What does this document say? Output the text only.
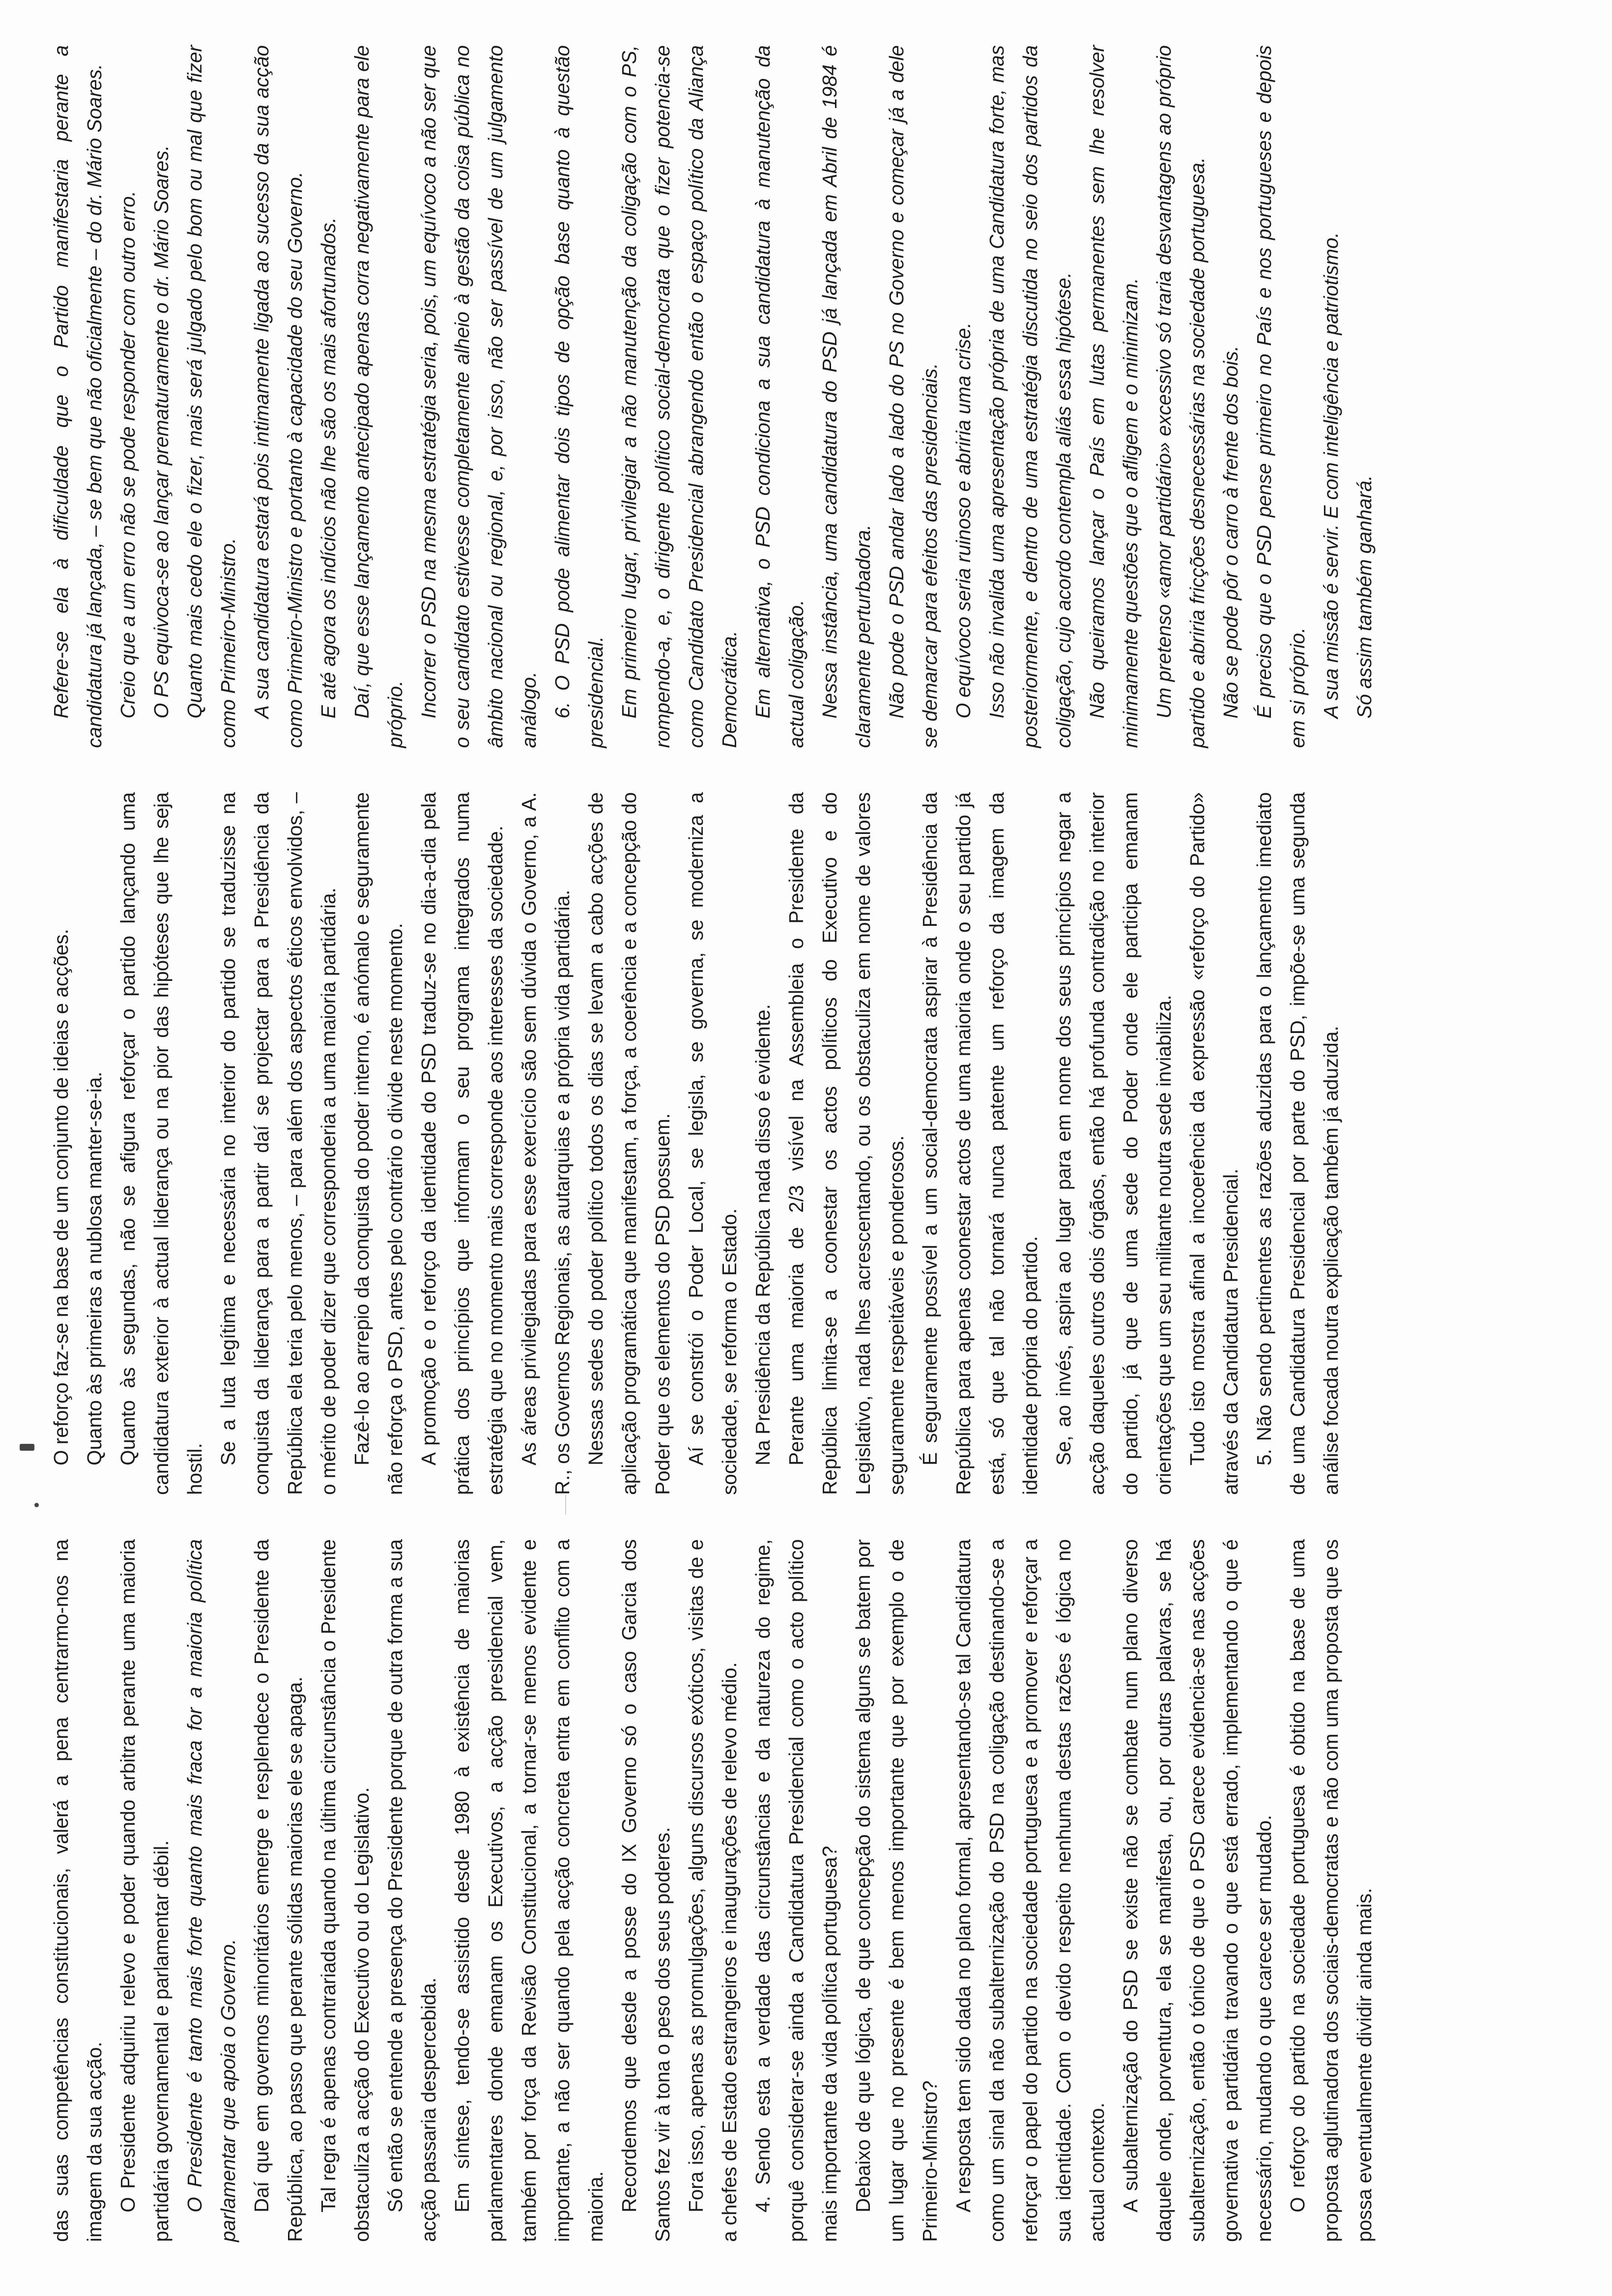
das suas competências constitucionais, valerá a pena centrarmo-nos na imagem da sua acção. O Presidente adquiriu relevo e poder quando arbitra perante uma maioria partidária governamental e parlamentar débil. O Presidente é tanto mais forte quanto mais fraca for a maioria política parlamentar que apoia o Governo. Daí que em governos minoritários emerge e resplendece o Presidente da República, ao passo que perante sólidas maiorias ele se apaga. Tal regra é apenas contrariada quando na última circunstância o Presidente obstaculiza a acção do Executivo ou do Legislativo. Só então se entende a presença do Presidente porque de outra forma a sua acção passaria despercebida. Em síntese, tendo-se assistido desde 1980 à existência de maiorias parlamentares donde emanam os Executivos, a acção presidencial vem, também por força da Revisão Constitucional, a tornar-se menos evidente e importante, a não ser quando pela acção concreta entra em conflito com a maioria. Recordemos que desde a posse do IX Governo só o caso Garcia dos Santos fez vir à tona o peso dos seus poderes. Fora isso, apenas as promulgações, alguns discursos exóticos, visitas de e a chefes de Estado estrangeiros e inaugurações de relevo médio. 4. Sendo esta a verdade das circunstâncias e da natureza do regime, porquê considerar-se ainda a Candidatura Presidencial como o acto político mais importante da vida política portuguesa? Debaixo de que lógica, de que concepção do sistema alguns se batem por um lugar que no presente é bem menos importante que por exemplo o de Primeiro-Ministro? A resposta tem sido dada no plano formal, apresentando-se tal Candidatura como um sinal da não subalternização do PSD na coligação destinando-se a reforçar o papel do partido na sociedade portuguesa e a promover e reforçar a sua identidade. Com o devido respeito nenhuma destas razões é lógica no actual contexto. A subalternização do PSD se existe não se combate num plano diverso daquele onde, porventura, ela se manifesta, ou, por outras palavras, se há subalternização, então o tónico de que o PSD carece evidencia-se nas acções governativa e partidária travando o que está errado, implementando o que é necessário, mudando o que carece ser mudado. O reforço do partido na sociedade portuguesa é obtido na base de uma proposta aglutinadora dos sociais-democratas e não com uma proposta que os possa eventualmente dividir ainda mais.

O reforço faz-se na base de um conjunto de ideias e acções. Quanto às primeiras a nublosa manter-se-ia. Quanto às segundas, não se afigura reforçar o partido lançando uma candidatura exterior à actual liderança ou na pior das hipóteses que lhe seja hostil.

Se a luta legítima e necessária no interior do partido se traduzisse na conquista da liderança para a partir daí se projectar para a Presidência da República ela teria pelo menos, – para além dos aspectos éticos envolvidos, – o mérito de poder dizer que corresponderia a uma maioria partidária. Fazê-lo ao arrepio da conquista do poder interno, é anómalo e seguramente não reforça o PSD, antes pelo contrário o divide neste momento. A promoção e o reforço da identidade do PSD traduz-se no dia-a-dia pela prática dos princípios que informam o seu programa integrados numa estratégia que no momento mais corresponde aos interesses da sociedade. As áreas privilegiadas para esse exercício são sem dúvida o Governo, a A. R., os Governos Regionais, as autarquias e a própria vida partidária. Nessas sedes do poder político todos os dias se levam a cabo acções de aplicação programática que manifestam, a força, a coerência e a concepção do Poder que os elementos do PSD possuem. Aí se constrói o Poder Local, se legisla, se governa, se moderniza a sociedade, se reforma o Estado. Na Presidência da República nada disso é evidente. Perante uma maioria de 2/3 visível na Assembleia o Presidente da República limita-se a coonestar os actos políticos do Executivo e do Legislativo, nada lhes acrescentando, ou os obstaculiza em nome de valores seguramente respeitáveis e ponderosos. É seguramente possível a um social-democrata aspirar à Presidência da República para apenas coonestar actos de uma maioria onde o seu partido já está, só que tal não tornará nunca patente um reforço da imagem da identidade própria do partido. Se, ao invés, aspira ao lugar para em nome dos seus princípios negar a acção daqueles outros dois órgãos, então há profunda contradição no interior do partido, já que de uma sede do Poder onde ele participa emanam orientações que um seu militante noutra sede inviabiliza. Tudo isto mostra afinal a incoerência da expressão «reforço do Partido» através da Candidatura Presidencial. 5. Não sendo pertinentes as razões aduzidas para o lançamento imediato de uma Candidatura Presidencial por parte do PSD, impõe-se uma segunda análise focada noutra explicação também já aduzida.

Refere-se ela à dificuldade que o Partido manifestaria perante a candidatura já lançada, – se bem que não oficialmente – do dr. Mário Soares. Creio que a um erro não se pode responder com outro erro. O PS equivoca-se ao lançar prematuramente o dr. Mário Soares. Quanto mais cedo ele o fizer, mais será julgado pelo bom ou mal que fizer como Primeiro-Ministro. A sua candidatura estará pois intimamente ligada ao sucesso da sua acção como Primeiro-Ministro e portanto à capacidade do seu Governo. E até agora os indícios não lhe são os mais afortunados. Daí, que esse lançamento antecipado apenas corra negativamente para ele próprio. Incorrer o PSD na mesma estratégia seria, pois, um equívoco a não ser que o seu candidato estivesse completamente alheio à gestão da coisa pública no âmbito nacional ou regional, e, por isso, não ser passível de um julgamento análogo. 6. O PSD pode alimentar dois tipos de opção base quanto à questão presidencial. Em primeiro lugar, privilegiar a não manutenção da coligação com o PS, rompendo-a, e, o dirigente político social-democrata que o fizer potencia-se como Candidato Presidencial abrangendo então o espaço político da Aliança Democrática. Em alternativa, o PSD condiciona a sua candidatura à manutenção da actual coligação. Nessa instância, uma candidatura do PSD já lançada em Abril de 1984 é claramente perturbadora. Não pode o PSD andar lado a lado do PS no Governo e começar já a dele se demarcar para efeitos das presidenciais. O equívoco seria ruinoso e abriria uma crise. Isso não invalida uma apresentação própria de uma Candidatura forte, mas posteriormente, e dentro de uma estratégia discutida no seio dos partidos da coligação, cujo acordo contempla aliás essa hipótese. Não queiramos lançar o País em lutas permanentes sem lhe resolver minimamente questões que o afligem e o minimizam. Um pretenso «amor partidário» excessivo só traria desvantagens ao próprio partido e abriria fricções desnecessárias na sociedade portuguesa. Não se pode pôr o carro à frente dos bois. É preciso que o PSD pense primeiro no País e nos portugueses e depois em si próprio. A sua missão é servir. E com inteligência e patriotismo. Só assim também ganhará.
